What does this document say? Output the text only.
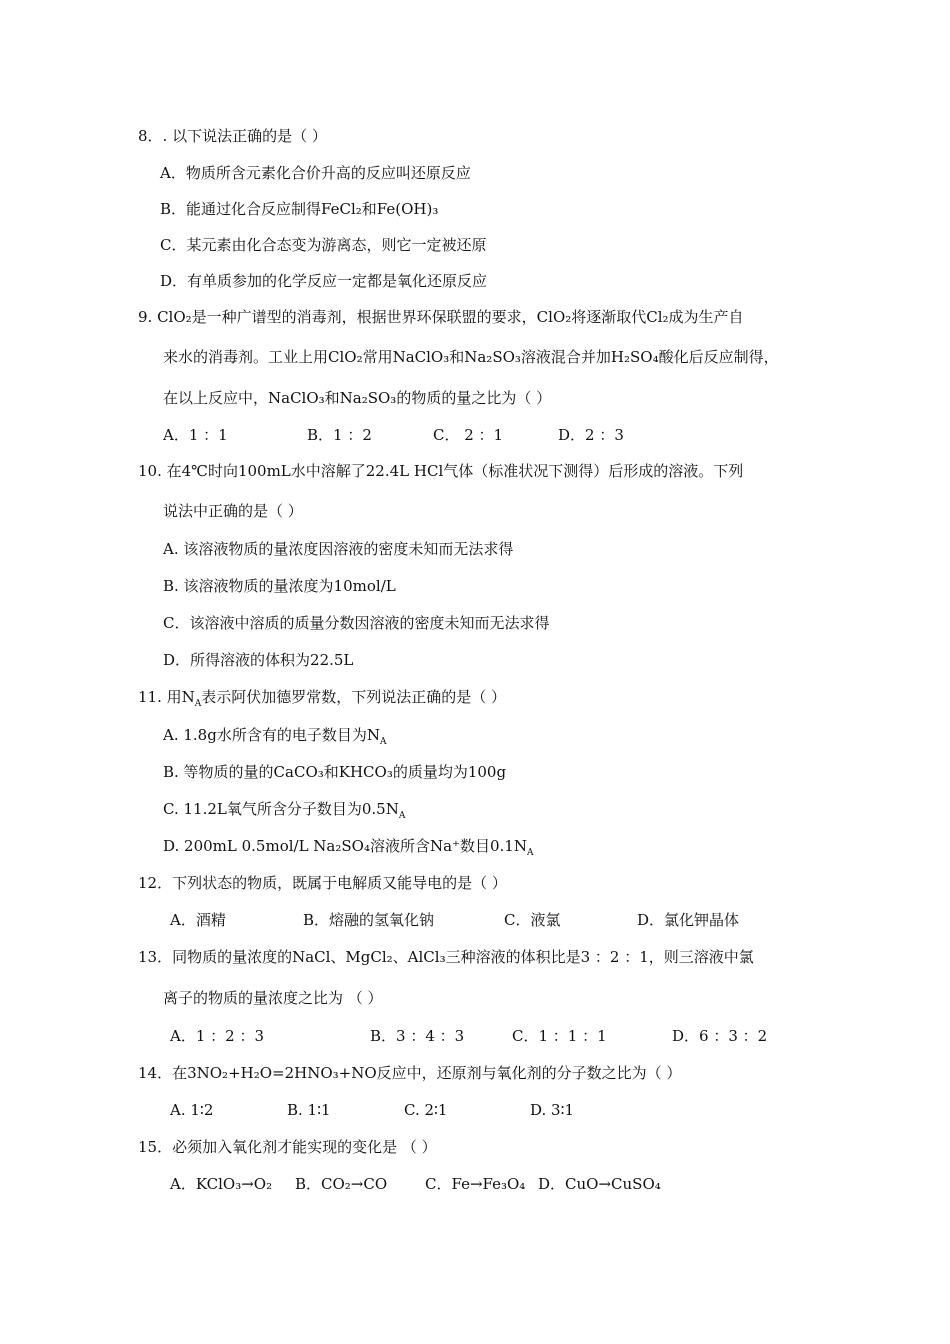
8．. 以下说法正确的是（ ）
A．物质所含元素化合价升高的反应叫还原反应
B．能通过化合反应制得FeCl₂和Fe(OH)₃
C．某元素由化合态变为游离态，则它一定被还原
D．有单质参加的化学反应一定都是氧化还原反应
9. ClO₂是一种广谱型的消毒剂，根据世界环保联盟的要求，ClO₂将逐渐取代Cl₂成为生产自
来水的消毒剂。工业上用ClO₂常用NaClO₃和Na₂SO₃溶液混合并加H₂SO₄酸化后反应制得，
在以上反应中，NaClO₃和Na₂SO₃的物质的量之比为（ ）
A．1 ：1	B．1 ：2	C． 2 ：1	D．2 ：3
10. 在4℃时向100mL水中溶解了22.4L HCl气体（标准状况下测得）后形成的溶液。下列
说法中正确的是（ ）
A. 该溶液物质的量浓度因溶液的密度未知而无法求得
B. 该溶液物质的量浓度为10mol/L
C．该溶液中溶质的质量分数因溶液的密度未知而无法求得
D．所得溶液的体积为22.5L
11. 用$N_A$表示阿伏加德罗常数，下列说法正确的是（ ）
A. 1.8g水所含有的电子数目为$N_A$
B. 等物质的量的CaCO₃和KHCO₃的质量均为100g
C. 11.2L氧气所含分子数目为$0.5N_A$
D. 200mL 0.5mol/L Na₂SO₄溶液所含Na⁺数目$0.1N_A$
12．下列状态的物质，既属于电解质又能导电的是（ ）
A．酒精	B．熔融的氢氧化钠	C．液氯	D．氯化钾晶体
13．同物质的量浓度的NaCl、MgCl₂、AlCl₃三种溶液的体积比是3 ：2 ：1，则三溶液中氯
离子的物质的量浓度之比为 （ ）
A．1 ：2 ：3	B．3 ：4 ：3	C．1 ：1 ：1	D．6 ：3 ：2
14．在3NO₂+H₂O=2HNO₃+NO反应中，还原剂与氧化剂的分子数之比为（ ）
A. 1∶2	B. 1∶1	C. 2∶1	D. 3∶1
15．必须加入氧化剂才能实现的变化是 （ ）
A．KClO₃→O₂ B．CO₂→CO	C．Fe→Fe₃O₄ D．CuO→CuSO₄
